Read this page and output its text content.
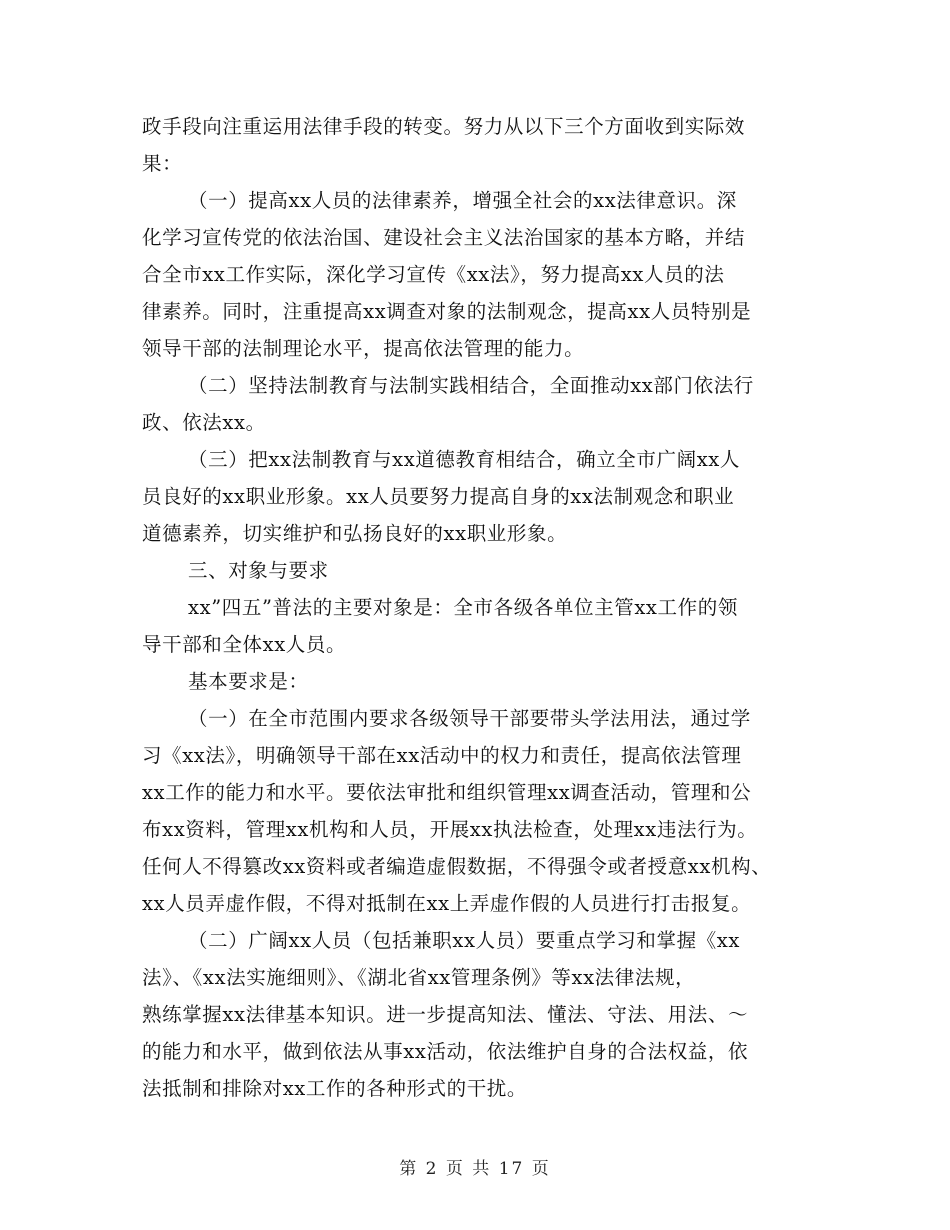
政手段向注重运用法律手段的转变。努力从以下三个方面收到实际效
果：
（一）提高xx人员的法律素养，增强全社会的xx法律意识。深
化学习宣传党的依法治国、建设社会主义法治国家的基本方略，并结
合全市xx工作实际，深化学习宣传《xx法》，努力提高xx人员的法
律素养。同时，注重提高xx调查对象的法制观念，提高xx人员特别是
领导干部的法制理论水平，提高依法管理的能力。
（二）坚持法制教育与法制实践相结合，全面推动xx部门依法行
政、依法xx。
（三）把xx法制教育与xx道德教育相结合，确立全市广阔xx人
员良好的xx职业形象。xx人员要努力提高自身的xx法制观念和职业
道德素养，切实维护和弘扬良好的xx职业形象。
三、对象与要求
xx”四五”普法的主要对象是：全市各级各单位主管xx工作的领
导干部和全体xx人员。
基本要求是：
（一）在全市范围内要求各级领导干部要带头学法用法，通过学
习《xx法》，明确领导干部在xx活动中的权力和责任，提高依法管理
xx工作的能力和水平。要依法审批和组织管理xx调查活动，管理和公
布xx资料，管理xx机构和人员，开展xx执法检查，处理xx违法行为。
任何人不得篡改xx资料或者编造虚假数据，不得强令或者授意xx机构、
xx人员弄虚作假，不得对抵制在xx上弄虚作假的人员进行打击报复。
（二）广阔xx人员（包括兼职xx人员）要重点学习和掌握《xx
法》、《xx法实施细则》、《湖北省xx管理条例》等xx法律法规，
熟练掌握xx法律基本知识。进一步提高知法、懂法、守法、用法、～
的能力和水平，做到依法从事xx活动，依法维护自身的合法权益，依
法抵制和排除对xx工作的各种形式的干扰。
第 2 页 共 17 页
